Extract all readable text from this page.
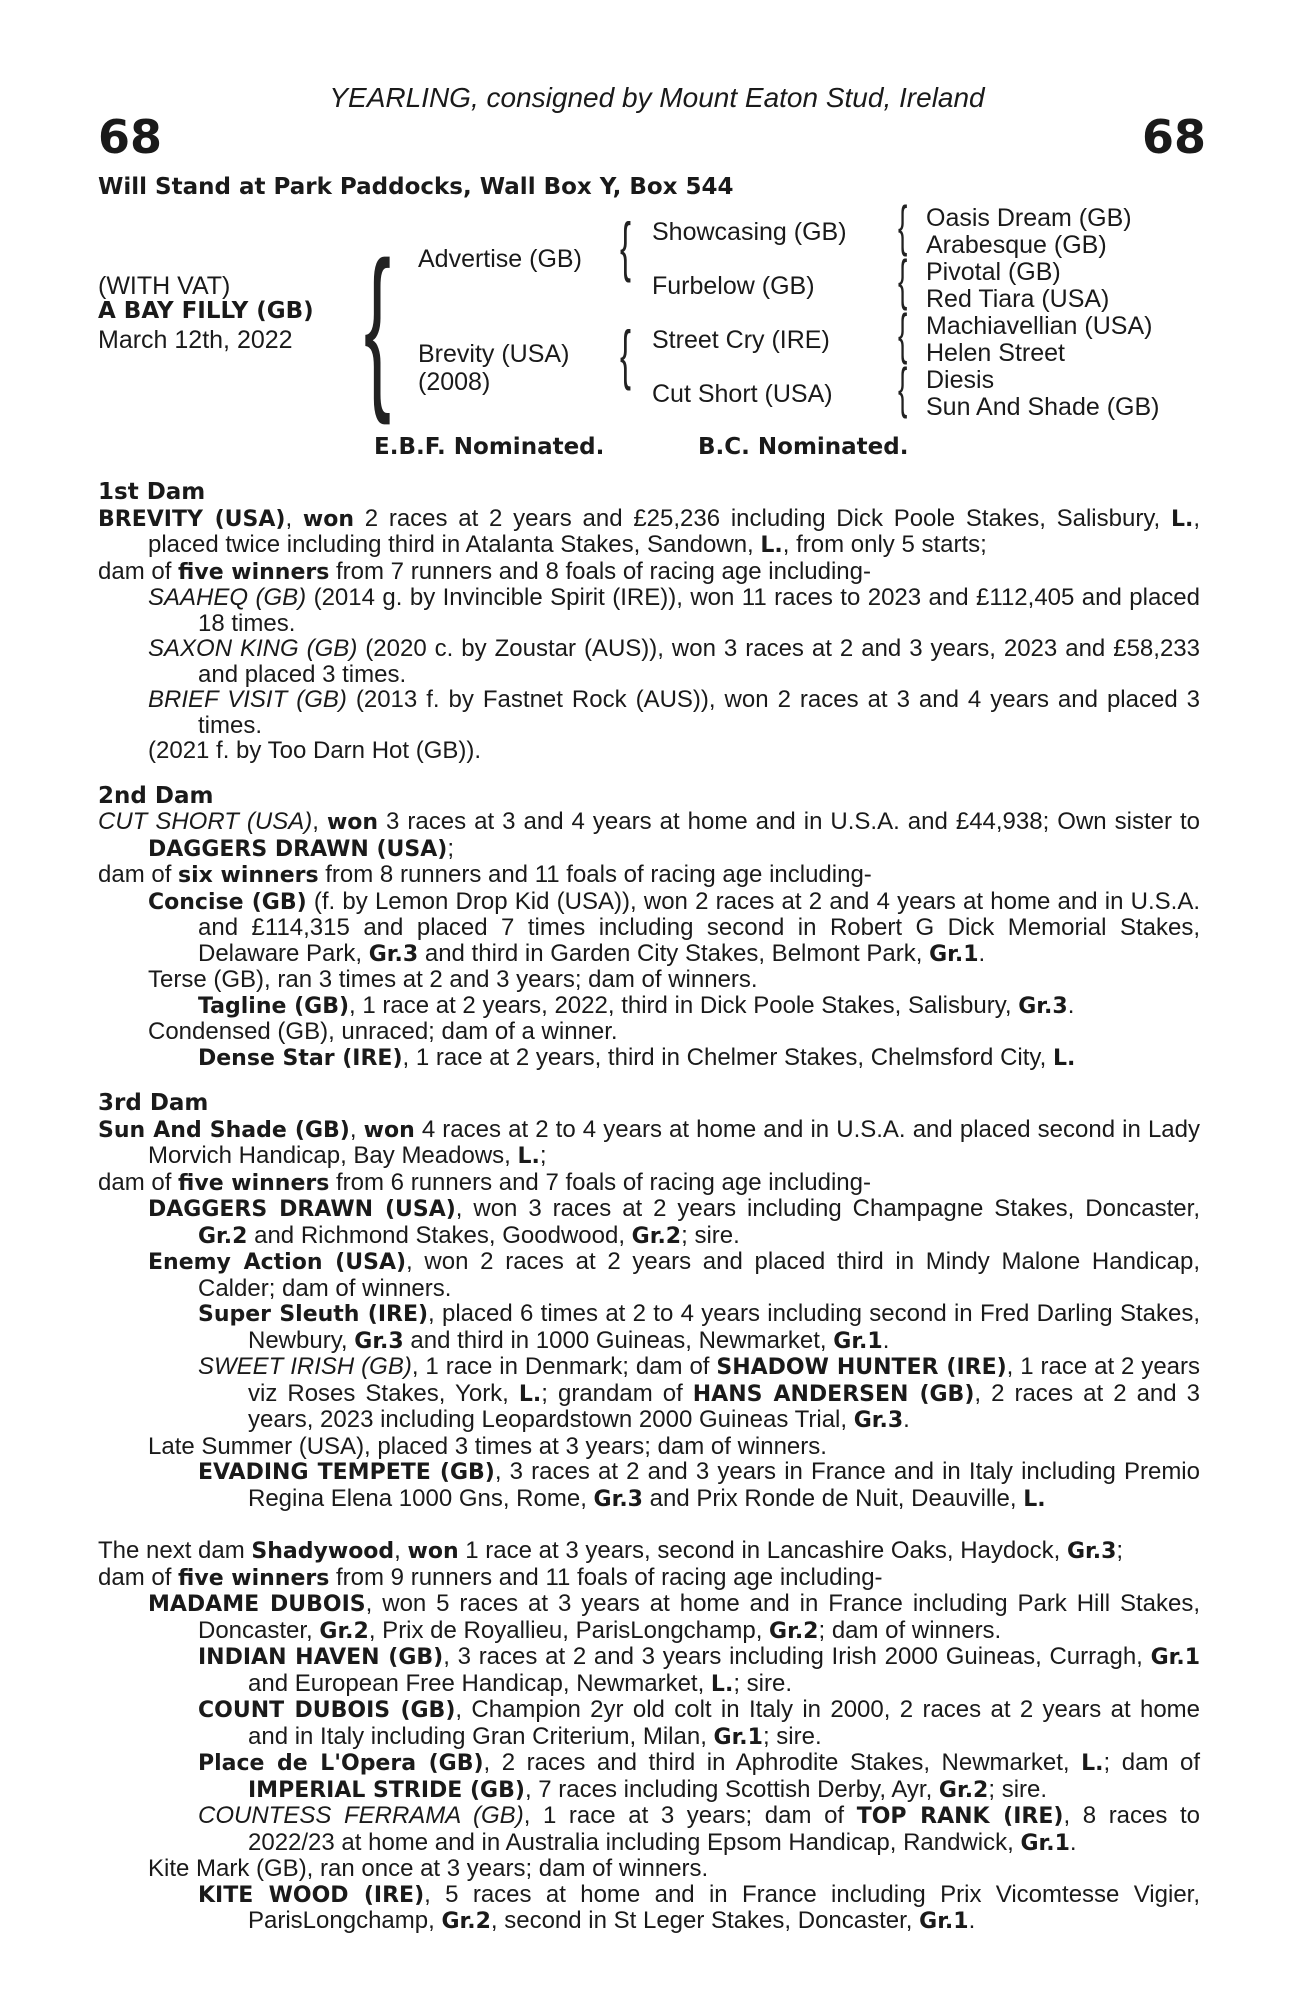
YEARLING, consigned by Mount Eaton Stud, Ireland
68	68
Will Stand at Park Paddocks, Wall Box Y, Box 544
(WITH VAT)
A BAY FILLY (GB)
March 12th, 2022 { Advertise (GB)
Brevity (USA)
(2008)
{
{
Showcasing (GB)
Furbelow (GB)
Street Cry (IRE)
Cut Short (USA)
{
{
{
{
Oasis Dream (GB)
Arabesque (GB)
Pivotal (GB)
Red Tiara (USA)
Machiavellian (USA)
Helen Street
Diesis
Sun And Shade (GB)
E.B.F. Nominated.	B.C. Nominated.

1st Dam

BREVITY (USA), won 2 races at 2 years and £25,236 including Dick Poole Stakes, Salisbury, L., placed twice including third in Atalanta Stakes, Sandown, L., from only 5 starts;

dam of five winners from 7 runners and 8 foals of racing age including-

SAAHEQ (GB) (2014 g. by Invincible Spirit (IRE)), won 11 races to 2023 and £112,405 and placed 18 times.

SAXON KING (GB) (2020 c. by Zoustar (AUS)), won 3 races at 2 and 3 years, 2023 and £58,233 and placed 3 times.

BRIEF VISIT (GB) (2013 f. by Fastnet Rock (AUS)), won 2 races at 3 and 4 years and placed 3 times.

(2021 f. by Too Darn Hot (GB)).

2nd Dam

CUT SHORT (USA), won 3 races at 3 and 4 years at home and in U.S.A. and £44,938; Own sister to DAGGERS DRAWN (USA);

dam of six winners from 8 runners and 11 foals of racing age including-

Concise (GB) (f. by Lemon Drop Kid (USA)), won 2 races at 2 and 4 years at home and in U.S.A. and £114,315 and placed 7 times including second in Robert G Dick Memorial Stakes, Delaware Park, Gr.3 and third in Garden City Stakes, Belmont Park, Gr.1.

Terse (GB), ran 3 times at 2 and 3 years; dam of winners.

Tagline (GB), 1 race at 2 years, 2022, third in Dick Poole Stakes, Salisbury, Gr.3.

Condensed (GB), unraced; dam of a winner.

Dense Star (IRE), 1 race at 2 years, third in Chelmer Stakes, Chelmsford City, L.

3rd Dam

Sun And Shade (GB), won 4 races at 2 to 4 years at home and in U.S.A. and placed second in Lady Morvich Handicap, Bay Meadows, L.;

dam of five winners from 6 runners and 7 foals of racing age including-

DAGGERS DRAWN (USA), won 3 races at 2 years including Champagne Stakes, Doncaster, Gr.2 and Richmond Stakes, Goodwood, Gr.2; sire.

Enemy Action (USA), won 2 races at 2 years and placed third in Mindy Malone Handicap, Calder; dam of winners.

Super Sleuth (IRE), placed 6 times at 2 to 4 years including second in Fred Darling Stakes, Newbury, Gr.3 and third in 1000 Guineas, Newmarket, Gr.1.

SWEET IRISH (GB), 1 race in Denmark; dam of SHADOW HUNTER (IRE), 1 race at 2 years viz Roses Stakes, York, L.; grandam of HANS ANDERSEN (GB), 2 races at 2 and 3 years, 2023 including Leopardstown 2000 Guineas Trial, Gr.3.

Late Summer (USA), placed 3 times at 3 years; dam of winners.

EVADING TEMPETE (GB), 3 races at 2 and 3 years in France and in Italy including Premio Regina Elena 1000 Gns, Rome, Gr.3 and Prix Ronde de Nuit, Deauville, L.

The next dam Shadywood, won 1 race at 3 years, second in Lancashire Oaks, Haydock, Gr.3;

dam of five winners from 9 runners and 11 foals of racing age including-

MADAME DUBOIS, won 5 races at 3 years at home and in France including Park Hill Stakes, Doncaster, Gr.2, Prix de Royallieu, ParisLongchamp, Gr.2; dam of winners.

INDIAN HAVEN (GB), 3 races at 2 and 3 years including Irish 2000 Guineas, Curragh, Gr.1 and European Free Handicap, Newmarket, L.; sire.

COUNT DUBOIS (GB), Champion 2yr old colt in Italy in 2000, 2 races at 2 years at home and in Italy including Gran Criterium, Milan, Gr.1; sire.

Place de L'Opera (GB), 2 races and third in Aphrodite Stakes, Newmarket, L.; dam of IMPERIAL STRIDE (GB), 7 races including Scottish Derby, Ayr, Gr.2; sire.

COUNTESS FERRAMA (GB), 1 race at 3 years; dam of TOP RANK (IRE), 8 races to 2022/23 at home and in Australia including Epsom Handicap, Randwick, Gr.1.

Kite Mark (GB), ran once at 3 years; dam of winners.

KITE WOOD (IRE), 5 races at home and in France including Prix Vicomtesse Vigier, ParisLongchamp, Gr.2, second in St Leger Stakes, Doncaster, Gr.1.
